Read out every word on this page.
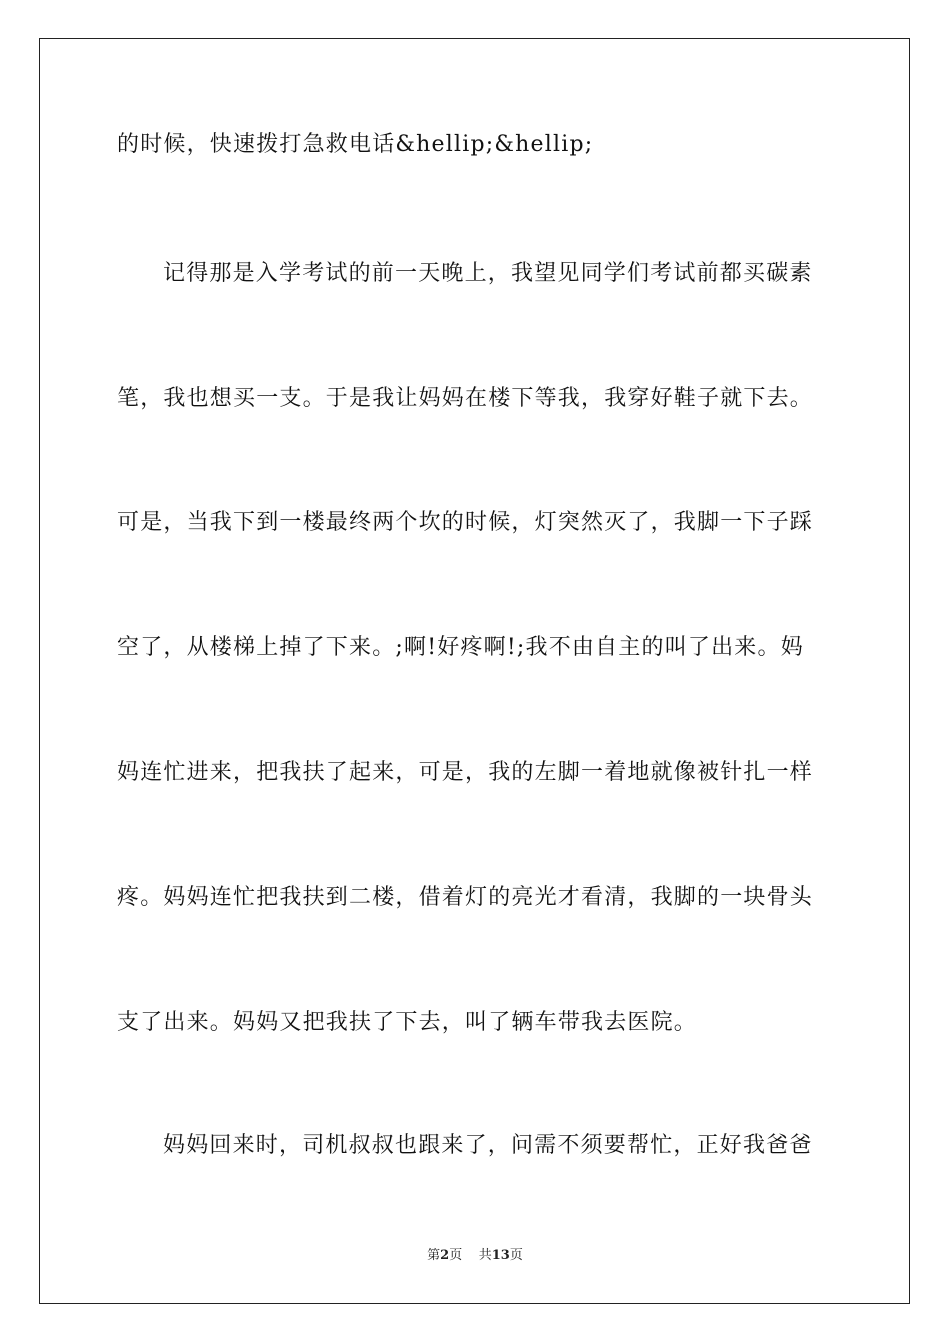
的时候，快速拨打急救电话&hellip;&hellip;
记得那是入学考试的前一天晚上，我望见同学们考试前都买碳素
笔，我也想买一支。于是我让妈妈在楼下等我，我穿好鞋子就下去。
可是，当我下到一楼最终两个坎的时候，灯突然灭了，我脚一下子踩
空了，从楼梯上掉了下来。;啊!好疼啊!;我不由自主的叫了出来。妈
妈连忙进来，把我扶了起来，可是，我的左脚一着地就像被针扎一样
疼。妈妈连忙把我扶到二楼，借着灯的亮光才看清，我脚的一块骨头
支了出来。妈妈又把我扶了下去，叫了辆车带我去医院。
妈妈回来时，司机叔叔也跟来了，问需不须要帮忙，正好我爸爸
第2页 共13页
